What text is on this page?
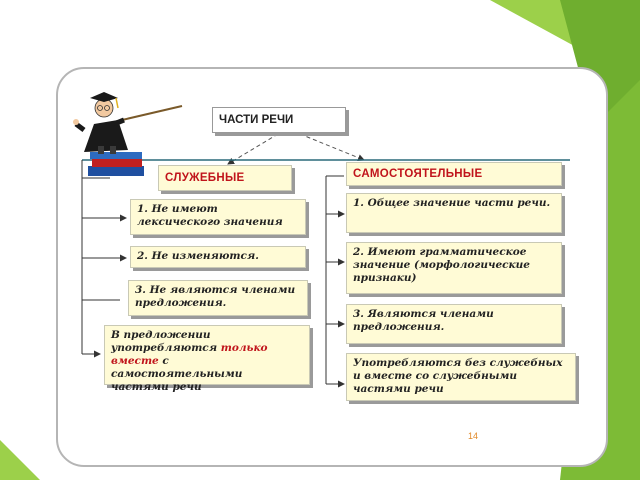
ЧАСТИ РЕЧИ
СЛУЖЕБНЫЕ	САМОСТОЯТЕЛЬНЫЕ
1. Не имеют лексического значения
2. Не изменяются.
3. Не являются членами предложения.
В предложении употребляются только вместе с самостоятельными частями речи
1. Общее значение части речи.
2. Имеют грамматическое значение (морфологические признаки)
3. Являются членами предложения.
Употребляются без служебных и вместе со служебными частями речи
14
